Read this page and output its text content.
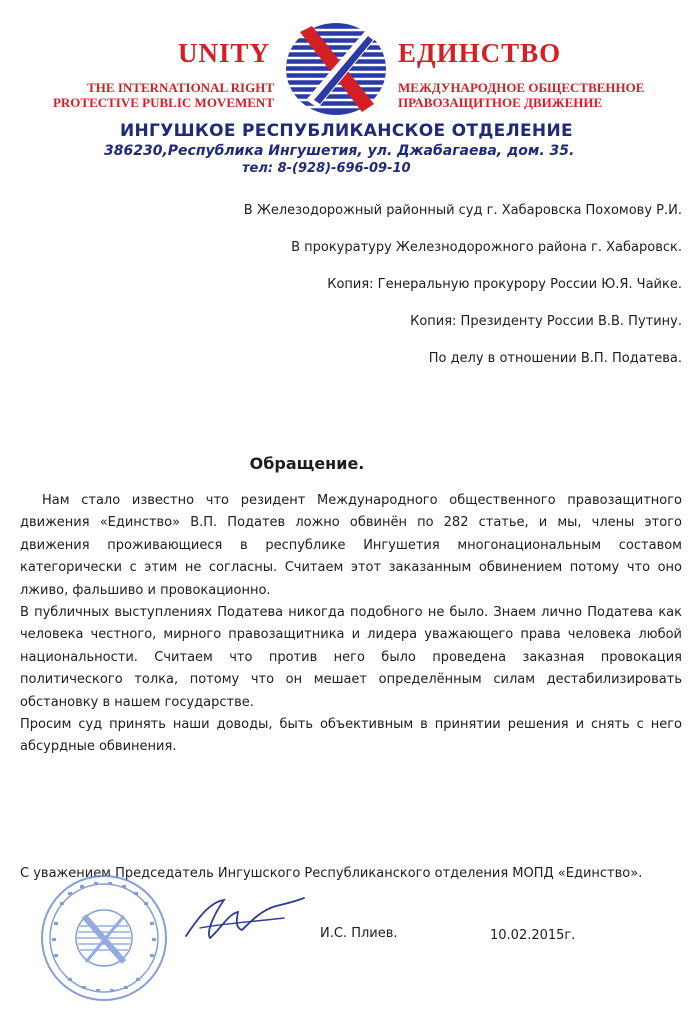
UNITY	ЕДИНСТВО
THE INTERNATIONAL RIGHT
PROTECTIVE PUBLIC MOVEMENT
МЕЖДУНАРОДНОЕ ОБЩЕСТВЕННОЕ
ПРАВОЗАЩИТНОЕ ДВИЖЕНИЕ
ИНГУШКОЕ РЕСПУБЛИКАНСКОЕ ОТДЕЛЕНИЕ
386230,Республика Ингушетия, ул. Джабагаева, дом. 35.
тел: 8-(928)-696-09-10

В Железодорожный районный суд г. Хабаровска Похомову Р.И.

В прокуратуру Железнодорожного района г. Хабаровск.

Копия: Генеральную прокурору России Ю.Я. Чайке.

Копия: Президенту России В.В. Путину.

По делу в отношении В.П. Податева.

Обращение.

Нам стало известно что резидент Международного общественного правозащитного движения «Единство» В.П. Податев ложно обвинён по 282 статье, и мы, члены этого движения проживающиеся в республике Ингушетия многонациональным составом категорически с этим не согласны. Считаем этот заказанным обвинением потому что оно лживо, фальшиво и провокационно.

В публичных выступлениях Податева никогда подобного не было. Знаем лично Податева как человека честного, мирного правозащитника и лидера уважающего права человека любой национальности. Считаем что против него было проведена заказная провокация политического толка, потому что он мешает определённым силам дестабилизировать обстановку в нашем государстве.

Просим суд принять наши доводы, быть объективным в принятии решения и снять с него абсурдные обвинения.

С уважением Председатель Ингушского Республиканского отделения МОПД «Единство».
И.С. Плиев.	10.02.2015г.
